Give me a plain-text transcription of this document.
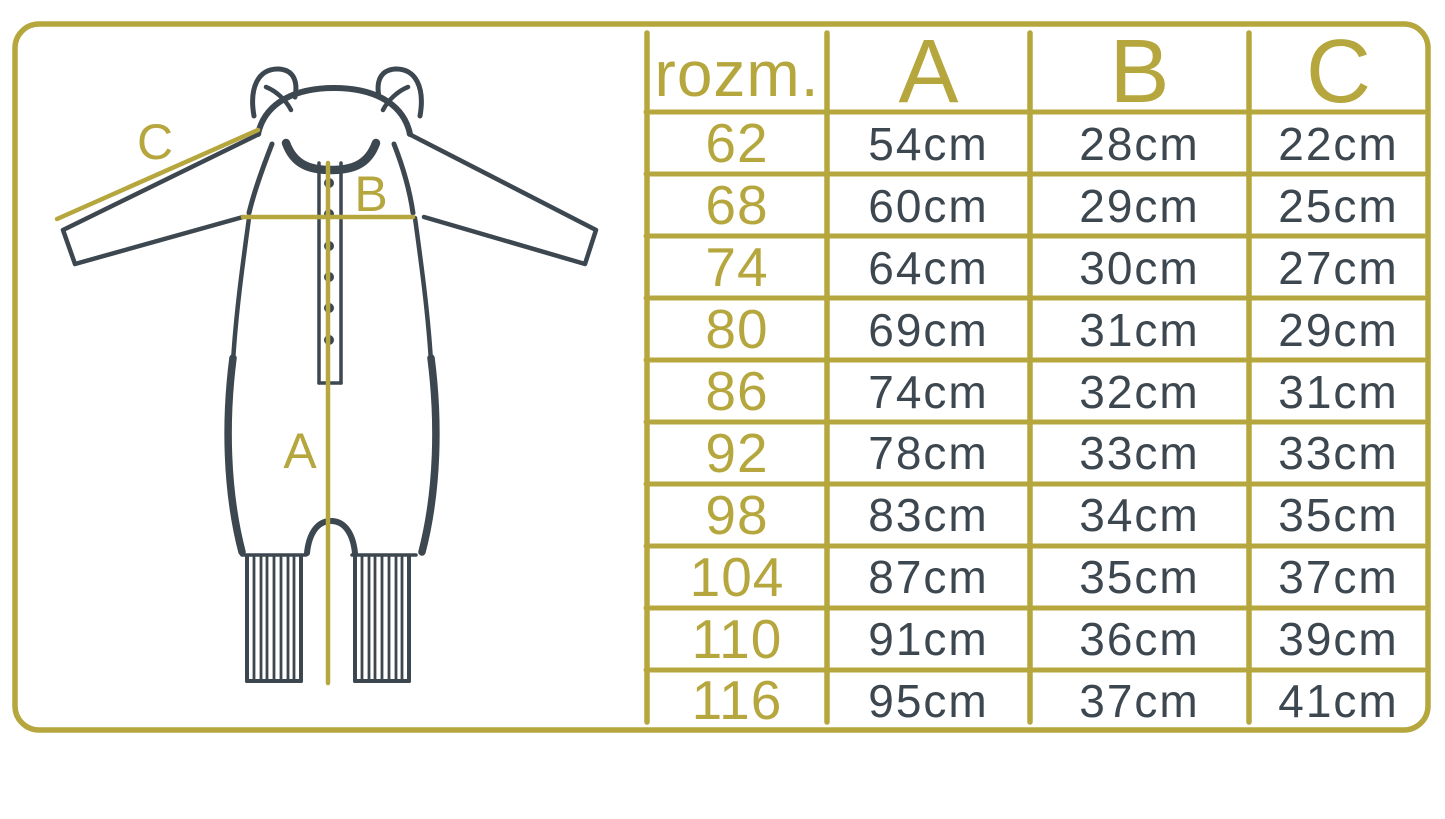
C
B
A
rozm. A	B	C
62	54cm	28cm	22cm
68	60cm	29cm	25cm
74	64cm	30cm	27cm
80	69cm	31cm	29cm
86	74cm	32cm	31cm
92	78cm	33cm	33cm
98	83cm	34cm	35cm
104	87cm	35cm	37cm
110	91cm	36cm	39cm
116	95cm	37cm	41cm
